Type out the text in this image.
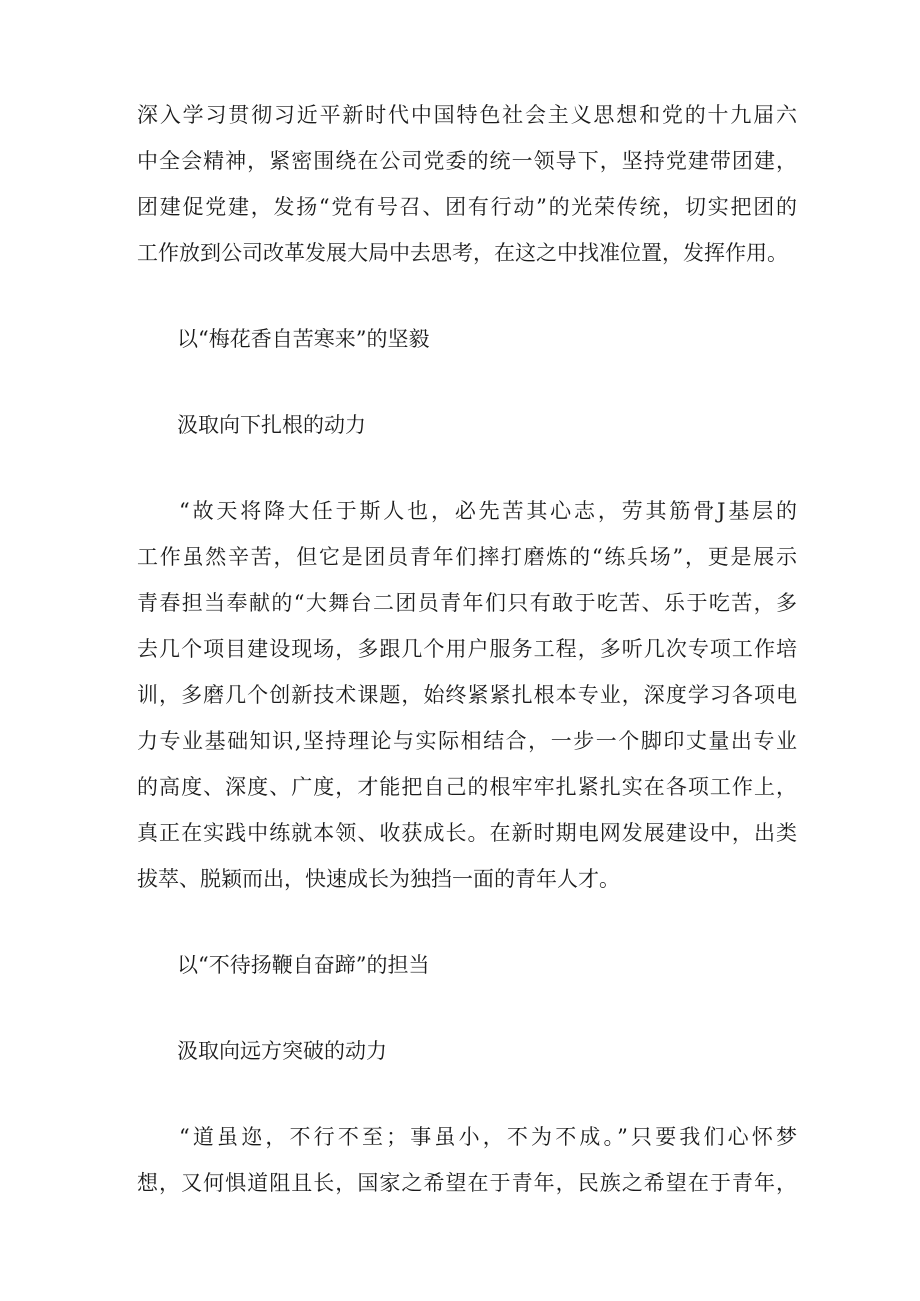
深入学习贯彻习近平新时代中国特色社会主义思想和党的十九届六
中全会精神，紧密围绕在公司党委的统一领导下，坚持党建带团建，
团建促党建，发扬“党有号召、团有行动”的光荣传统，切实把团的
工作放到公司改革发展大局中去思考，在这之中找准位置，发挥作用。
以“梅花香自苦寒来”的坚毅
汲取向下扎根的动力
“故天将降大任于斯人也，必先苦其心志，劳其筋骨J基层的
工作虽然辛苦，但它是团员青年们摔打磨炼的“练兵场”，更是展示
青春担当奉献的“大舞台二团员青年们只有敢于吃苦、乐于吃苦，多
去几个项目建设现场，多跟几个用户服务工程，多听几次专项工作培
训，多磨几个创新技术课题，始终紧紧扎根本专业，深度学习各项电
力专业基础知识,坚持理论与实际相结合，一步一个脚印丈量出专业
的高度、深度、广度，才能把自己的根牢牢扎紧扎实在各项工作上，
真正在实践中练就本领、收获成长。在新时期电网发展建设中，出类
拔萃、脱颖而出，快速成长为独挡一面的青年人才。
以“不待扬鞭自奋蹄”的担当
汲取向远方突破的动力
“道虽迩，不行不至；事虽小，不为不成。”只要我们心怀梦
想，又何惧道阻且长，国家之希望在于青年，民族之希望在于青年，
